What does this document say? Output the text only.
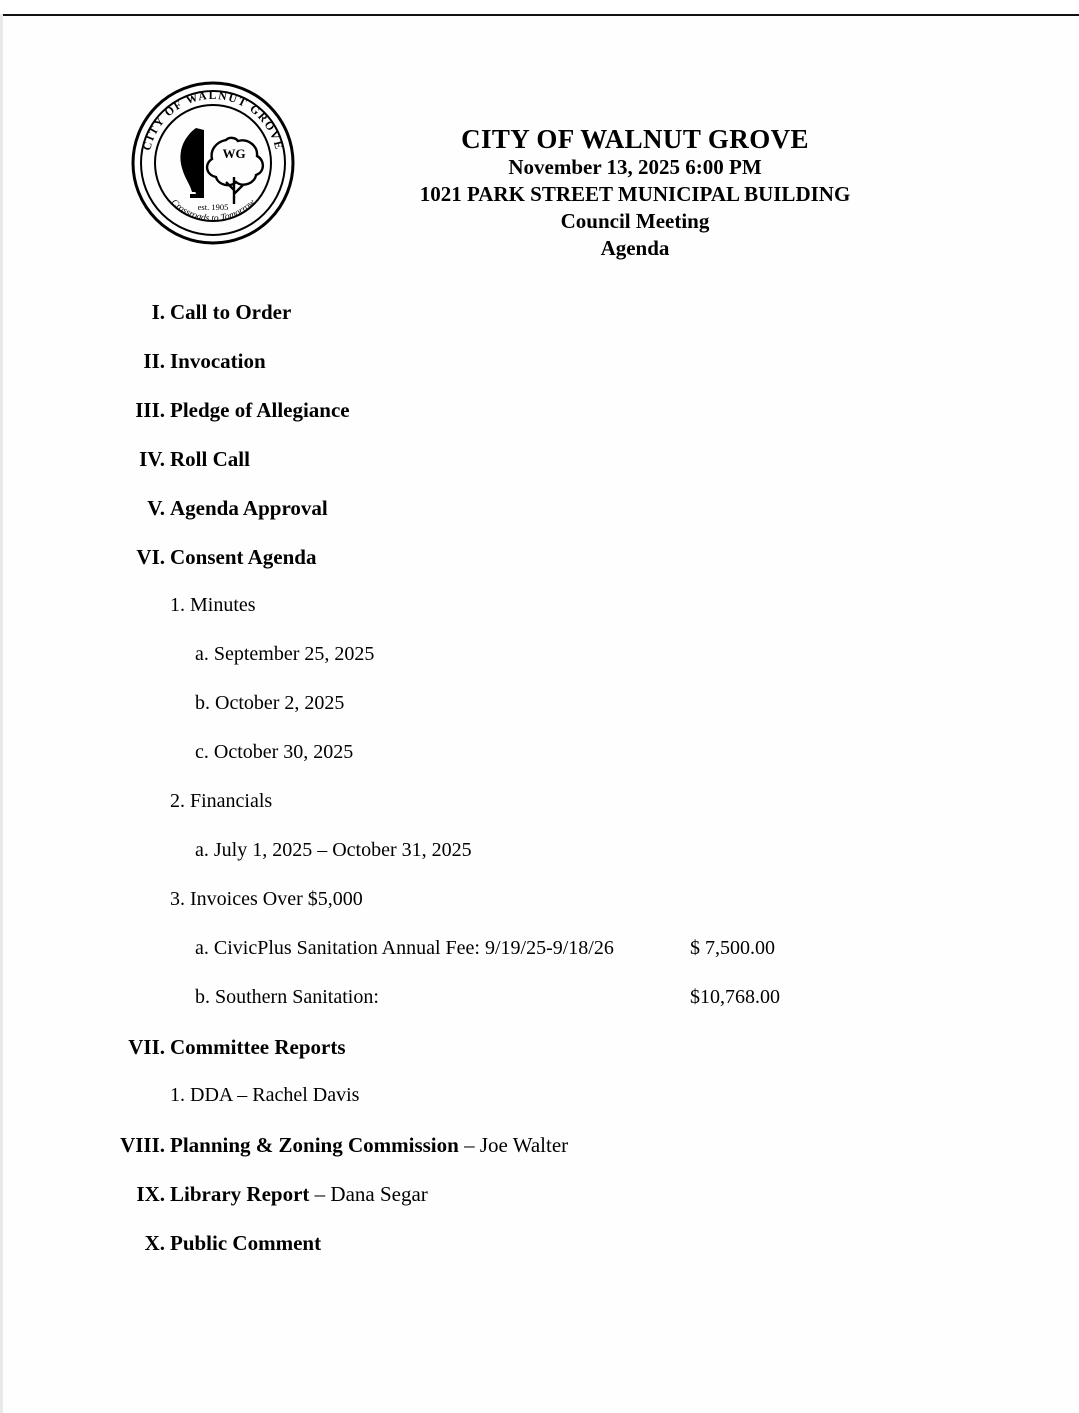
CITY OF WALNUT GROVE
Crossroads to Tomorrow
WG
est. 1905
CITY OF WALNUT GROVE
November 13, 2025 6:00 PM
1021 PARK STREET MUNICIPAL BUILDING
Council Meeting
Agenda
I. Call to Order
II. Invocation
III. Pledge of Allegiance
IV. Roll Call
V. Agenda Approval
VI. Consent Agenda
1. Minutes
a. September 25, 2025
b. October 2, 2025
c. October 30, 2025
2. Financials
a. July 1, 2025 – October 31, 2025
3. Invoices Over $5,000
a. CivicPlus Sanitation Annual Fee: 9/19/25-9/18/26	$ 7,500.00
b. Southern Sanitation:	$10,768.00
VII. Committee Reports
1. DDA – Rachel Davis
VIII. Planning & Zoning Commission – Joe Walter
IX. Library Report – Dana Segar
X. Public Comment
